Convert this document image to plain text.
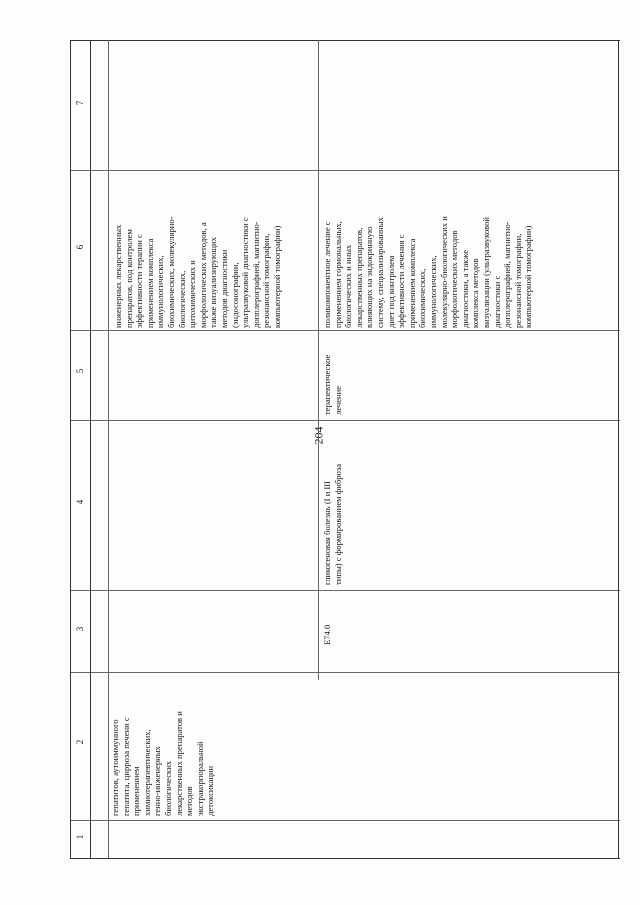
204
1
2
3
4
5
6
7
гепатитов, аутоиммунного
гепатита, цирроза печени с
применением
химиотерапевтических,
генно-инженерных
биологических
лекарственных препаратов и
методов
экстракорпоральной
детоксикации
инженерных лекарственных
препаратов, под контролем
эффективности терапии с
применением комплекса
иммунологических,
биохимических, молекулярно-
биологических,
цитохимических и
морфологических методов, а
также визуализирующих
методов диагностики
(эндосонографии,
ультразвуковой диагностики с
допплерографией, магнитно-
резонансной томографии,
компьютерной томографии)
E74.0
гликогеновая болезнь (I и III
типы) с формированием фиброза
терапевтическое
лечение
поликомпонентное лечение с
применением гормональных,
биологических и иных
лекарственных препаратов,
влияющих на эндокринную
систему, специализированных
диет под контролем
эффективности лечения с
применением комплекса
биохимических,
иммунологических,
молекулярно-биологических и
морфологических методов
диагностики, а также
комплекса методов
визуализации (ультразвуковой
диагностики с
допплерографией, магнитно-
резонансной томографии,
компьютерной томографии)
